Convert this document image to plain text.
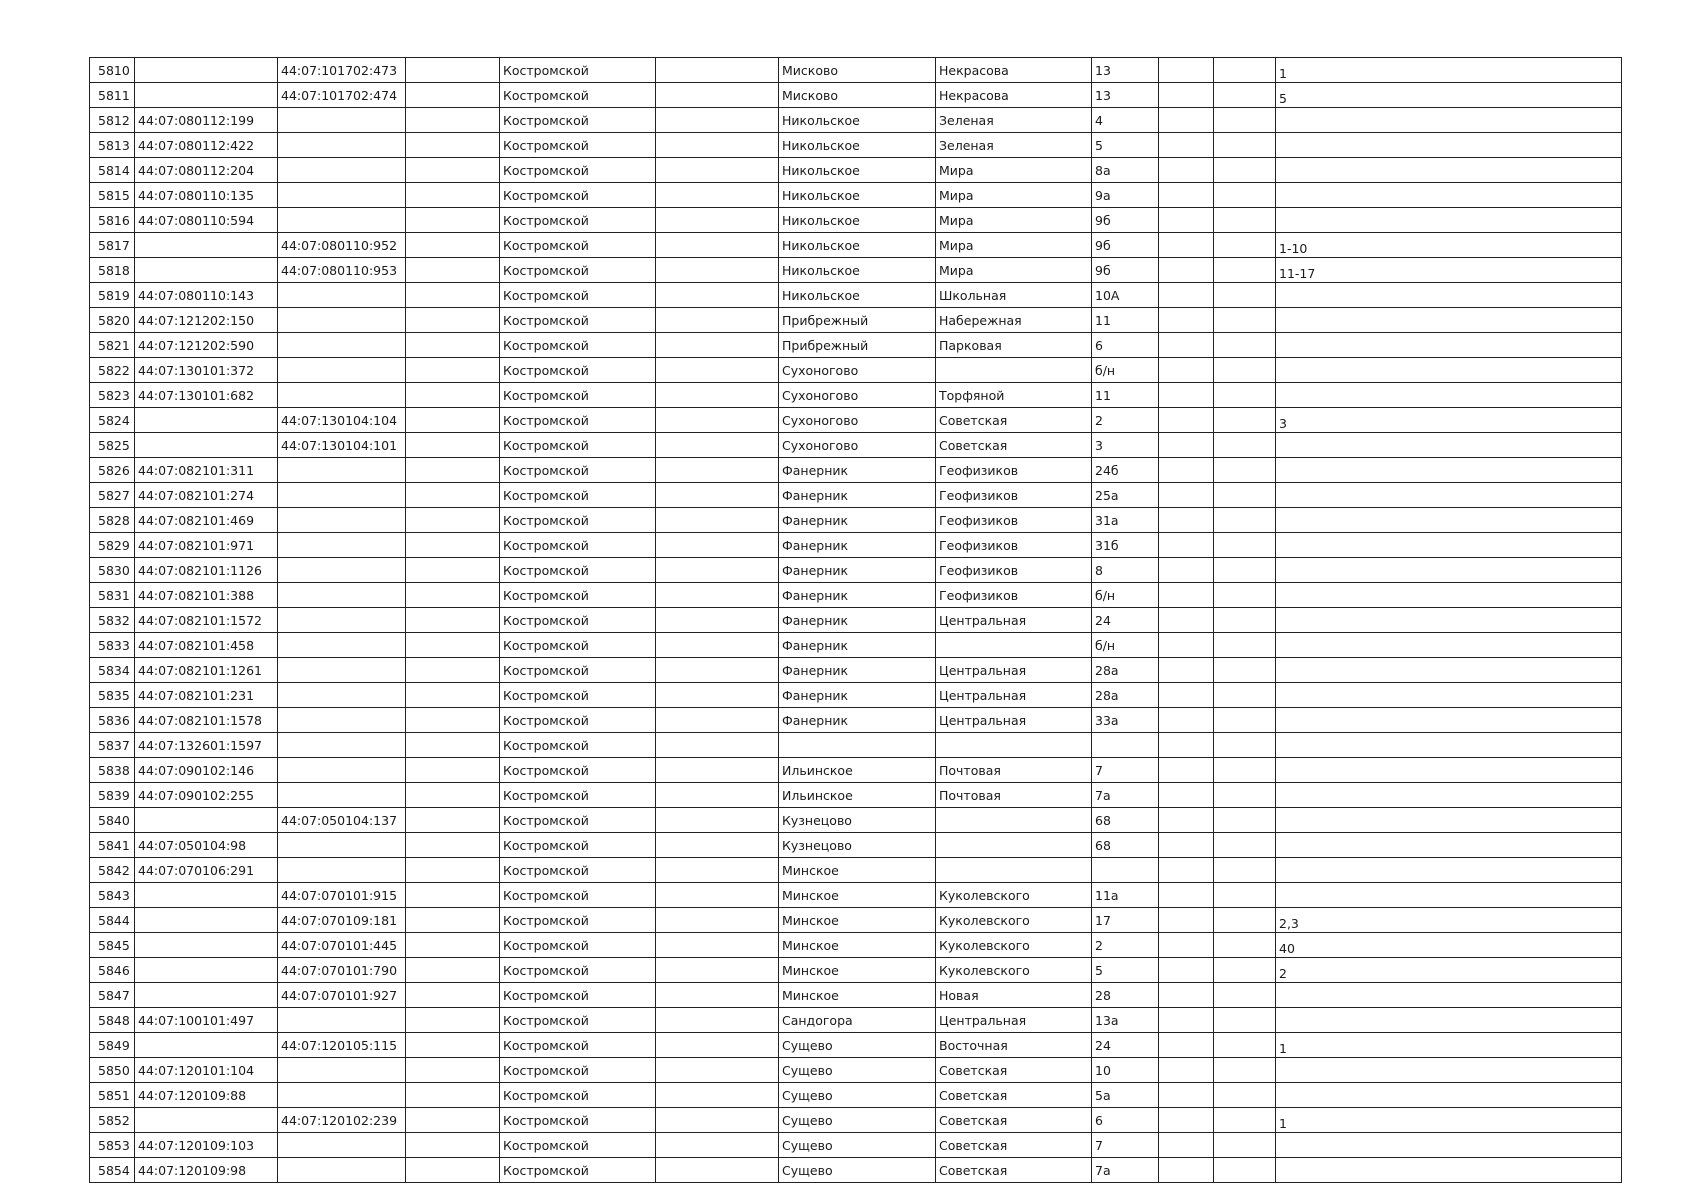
5810		44:07:101702:473		Костромской		Мисково	Некрасова	13			1
5811		44:07:101702:474		Костромской		Мисково	Некрасова	13			5
5812	44:07:080112:199			Костромской		Никольское	Зеленая	4			
5813	44:07:080112:422			Костромской		Никольское	Зеленая	5			
5814	44:07:080112:204			Костромской		Никольское	Мира	8а			
5815	44:07:080110:135			Костромской		Никольское	Мира	9а			
5816	44:07:080110:594			Костромской		Никольское	Мира	9б			
5817		44:07:080110:952		Костромской		Никольское	Мира	9б			1-10
5818		44:07:080110:953		Костромской		Никольское	Мира	9б			11-17
5819	44:07:080110:143			Костромской		Никольское	Школьная	10А			
5820	44:07:121202:150			Костромской		Прибрежный	Набережная	11			
5821	44:07:121202:590			Костромской		Прибрежный	Парковая	6			
5822	44:07:130101:372			Костромской		Сухоногово		б/н			
5823	44:07:130101:682			Костромской		Сухоногово	Торфяной	11			
5824		44:07:130104:104		Костромской		Сухоногово	Советская	2			3
5825		44:07:130104:101		Костромской		Сухоногово	Советская	3			
5826	44:07:082101:311			Костромской		Фанерник	Геофизиков	24б			
5827	44:07:082101:274			Костромской		Фанерник	Геофизиков	25а			
5828	44:07:082101:469			Костромской		Фанерник	Геофизиков	31а			
5829	44:07:082101:971			Костромской		Фанерник	Геофизиков	31б			
5830	44:07:082101:1126			Костромской		Фанерник	Геофизиков	8			
5831	44:07:082101:388			Костромской		Фанерник	Геофизиков	б/н			
5832	44:07:082101:1572			Костромской		Фанерник	Центральная	24			
5833	44:07:082101:458			Костромской		Фанерник		б/н			
5834	44:07:082101:1261			Костромской		Фанерник	Центральная	28а			
5835	44:07:082101:231			Костромской		Фанерник	Центральная	28а			
5836	44:07:082101:1578			Костромской		Фанерник	Центральная	33а			
5837	44:07:132601:1597			Костромской							
5838	44:07:090102:146			Костромской		Ильинское	Почтовая	7			
5839	44:07:090102:255			Костромской		Ильинское	Почтовая	7а			
5840		44:07:050104:137		Костромской		Кузнецово		68			
5841	44:07:050104:98			Костромской		Кузнецово		68			
5842	44:07:070106:291			Костромской		Минское					
5843		44:07:070101:915		Костромской		Минское	Куколевского	11а			
5844		44:07:070109:181		Костромской		Минское	Куколевского	17			2,3
5845		44:07:070101:445		Костромской		Минское	Куколевского	2			40
5846		44:07:070101:790		Костромской		Минское	Куколевского	5			2
5847		44:07:070101:927		Костромской		Минское	Новая	28			
5848	44:07:100101:497			Костромской		Сандогора	Центральная	13а			
5849		44:07:120105:115		Костромской		Сущево	Восточная	24			1
5850	44:07:120101:104			Костромской		Сущево	Советская	10			
5851	44:07:120109:88			Костромской		Сущево	Советская	5а			
5852		44:07:120102:239		Костромской		Сущево	Советская	6			1
5853	44:07:120109:103			Костромской		Сущево	Советская	7			
5854	44:07:120109:98			Костромской		Сущево	Советская	7а			
